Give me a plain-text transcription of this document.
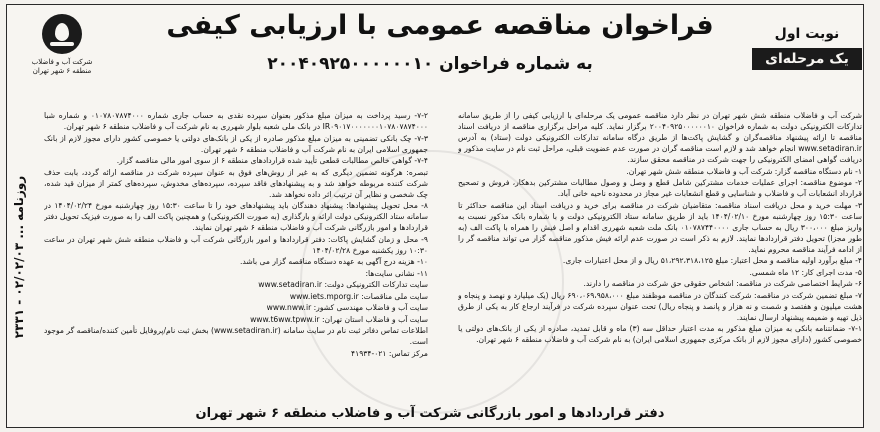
شرکت آب و فاضلاب منطقه ۶ شهر تهران
فراخوان مناقصه عمومی با ارزیابی کیفی
به شماره فراخوان ۲۰۰۴۰۹۲۵۰۰۰۰۰۰۱۰
نوبت اول
یک مرحله‌ای
روزنامه ... ۰۲/۰۲/۰۳ - ۲۳۳۱

شرکت آب و فاضلاب منطقه شش شهر تهران در نظر دارد مناقصه عمومی یک مرحله‌ای با ارزیابی کیفی را از طریق سامانه تدارکات الکترونیکی دولت به شماره فراخوان ۲۰۰۴۰۹۲۵۰۰۰۰۰۰۱۰ برگزار نماید. کلیه مراحل برگزاری مناقصه از دریافت اسناد مناقصه تا ارائه پیشنهاد مناقصه‌گران و گشایش پاکت‌ها از طریق درگاه سامانه تدارکات الکترونیکی دولت (ستاد) به آدرس www.setadiran.ir انجام خواهد شد و لازم است مناقصه گران در صورت عدم عضویت قبلی، مراحل ثبت نام در سایت مذکور و دریافت گواهی امضای الکترونیکی را جهت شرکت در مناقصه محقق سازند.

۱- نام دستگاه مناقصه گزار: شرکت آب و فاضلاب منطقه شش شهر تهران.

۲- موضوع مناقصه: اجرای عملیات خدمات مشترکین شامل قطع و وصل و وصول مطالبات مشترکین بدهکار، فروش و تصحیح قرارداد انشعابات آب و فاضلاب و شناسایی و قطع انشعابات غیر مجاز در محدوده ناحیه خانی آباد.

۳- مهلت خرید و محل دریافت اسناد مناقصه: متقاضیان شرکت در مناقصه برای خرید و دریافت اسناد این مناقصه حداکثر تا ساعت ۱۵:۳۰ روز چهارشنبه مورخ ۱۴۰۴/۰۲/۱۰ باید از طریق سامانه ستاد الکترونیکی دولت و با شماره بانک مذکور نسبت به واریز مبلغ ۳۰۰،۰۰۰ ریال به حساب جاری ۰۱۰۷۸۷۴۴۰۰۰۰ بانک ملت شعبه شهرری اقدام و اصل فیش را همراه با پاکت الف (به طور مجزا) تحویل دفتر قراردادها نمایند. لازم به ذکر است در صورت عدم ارائه فیش مذکور مناقصه گزار می تواند مناقصه گر را از ادامه فرآیند مناقصه محروم نماید.

۴- مبلغ برآورد اولیه مناقصه و محل اعتبار: مبلغ ۵۱،۲۹۲،۳۱۸،۱۲۵ ریال و از محل اعتبارات جاری.

۵- مدت اجرای کار: ۱۲ ماه شمسی.

۶- شرایط اختصاصی شرکت در مناقصه: اشخاص حقوقی حق شرکت در مناقصه را دارند.

۷- مبلغ تضمین شرکت در مناقصه: شرکت کنندگان در مناقصه موظفند مبلغ ۶۹۰،۰۶۹،۹۵۸،۰۰۰ ریال (یک میلیارد و نهصد و پنجاه و هشت میلیون و هفتصد و شصت و نه هزار و پانصد و پنجاه ریال) تحت عنوان سپرده شرکت در فرآیند ارجاع کار به یکی از طرق ذیل تهیه و ضمیمه پیشنهاد ارسال نمایند.

۷-۱- ضمانتنامه بانکی به میزان مبلغ مذکور به مدت اعتبار حداقل سه (۳) ماه و قابل تمدید، صادره از یکی از بانک‌های دولتی یا خصوصی کشور (دارای مجوز لازم از بانک مرکزی جمهوری اسلامی ایران) به نام شرکت آب و فاضلاب منطقه ۶ شهر تهران.

۷-۲- رسید پرداخت به میزان مبلغ مذکور بعنوان سپرده نقدی به حساب جاری شماره ۰۱۰۷۸۰۷۸۷۴۰۰۰ و شماره شبا IR۰۹۰۱۷۰۰۰۰۰۰۰۱۰۷۸۰۷۸۷۴۰۰۰ در بانک ملی شعبه بلوار شهرری به نام شرکت آب و فاضلاب منطقه ۶ شهر تهران.

۷-۳- چک بانکی تضمینی به میزان مبلغ مذکور صادره از یکی از بانک‌های دولتی یا خصوصی کشور دارای مجوز لازم از بانک جمهوری اسلامی ایران به نام شرکت آب و فاضلاب منطقه ۶ شهر تهران.

۷-۴- گواهی خالص مطالبات قطعی تأیید شده قراردادهای منطقه ۶ از سوی امور مالی مناقصه گزار.

تبصره: هرگونه تضمین دیگری که به غیر از روش‌های فوق به عنوان سپرده شرکت در مناقصه ارائه گردد، بابت حذف شرکت کننده مربوطه خواهد شد و به پیشنهادهای فاقد سپرده، سپرده‌های مخدوش، سپرده‌های کمتر از میزان قید شده، چک شخصی و نظایر آن ترتیب اثر داده نخواهد شد.

۸- محل تحویل پیشنهادها: پیشنهاد دهندگان باید پیشنهادهای خود را تا ساعت ۱۵:۳۰ روز چهارشنبه مورخ ۱۴۰۴/۰۲/۲۴ در سامانه ستاد الکترونیکی دولت ارائه و بارگذاری (به صورت الکترونیکی) و همچنین پاکت الف را به صورت فیزیک تحویل دفتر قراردادها و امور بازرگانی شرکت آب و فاضلاب منطقه ۶ شهر تهران نمایند.

۹- محل و زمان گشایش پاکات: دفتر قراردادها و امور بازرگانی شرکت آب و فاضلاب منطقه شش شهر تهران در ساعت ۱۰:۳۰ روز یکشنبه مورخ ۱۴۰۴/۰۲/۲۸

۱۰- هزینه درج آگهی به عهده دستگاه مناقصه گزار می باشد.

۱۱- نشانی سایت‌ها:

سایت تدارکات الکترونیکی دولت: www.setadiran.ir

سایت ملی مناقصات: www.iets.mporg.ir

سایت آب و فاضلاب مهندسی کشور: www.nww.ir

سایت آب و فاضلاب استان تهران: www.t6ww.tpww.ir

اطلاعات تماس دفاتر ثبت نام در سایت سامانه (www.setadiran.ir) بخش ثبت نام/پروفایل تأمین کننده/مناقصه گر موجود است.

مرکز تماس: ۰۲۱-۴۱۹۳۴

دفتر قراردادها و امور بازرگانی شرکت آب و فاضلاب منطقه ۶ شهر تهران
